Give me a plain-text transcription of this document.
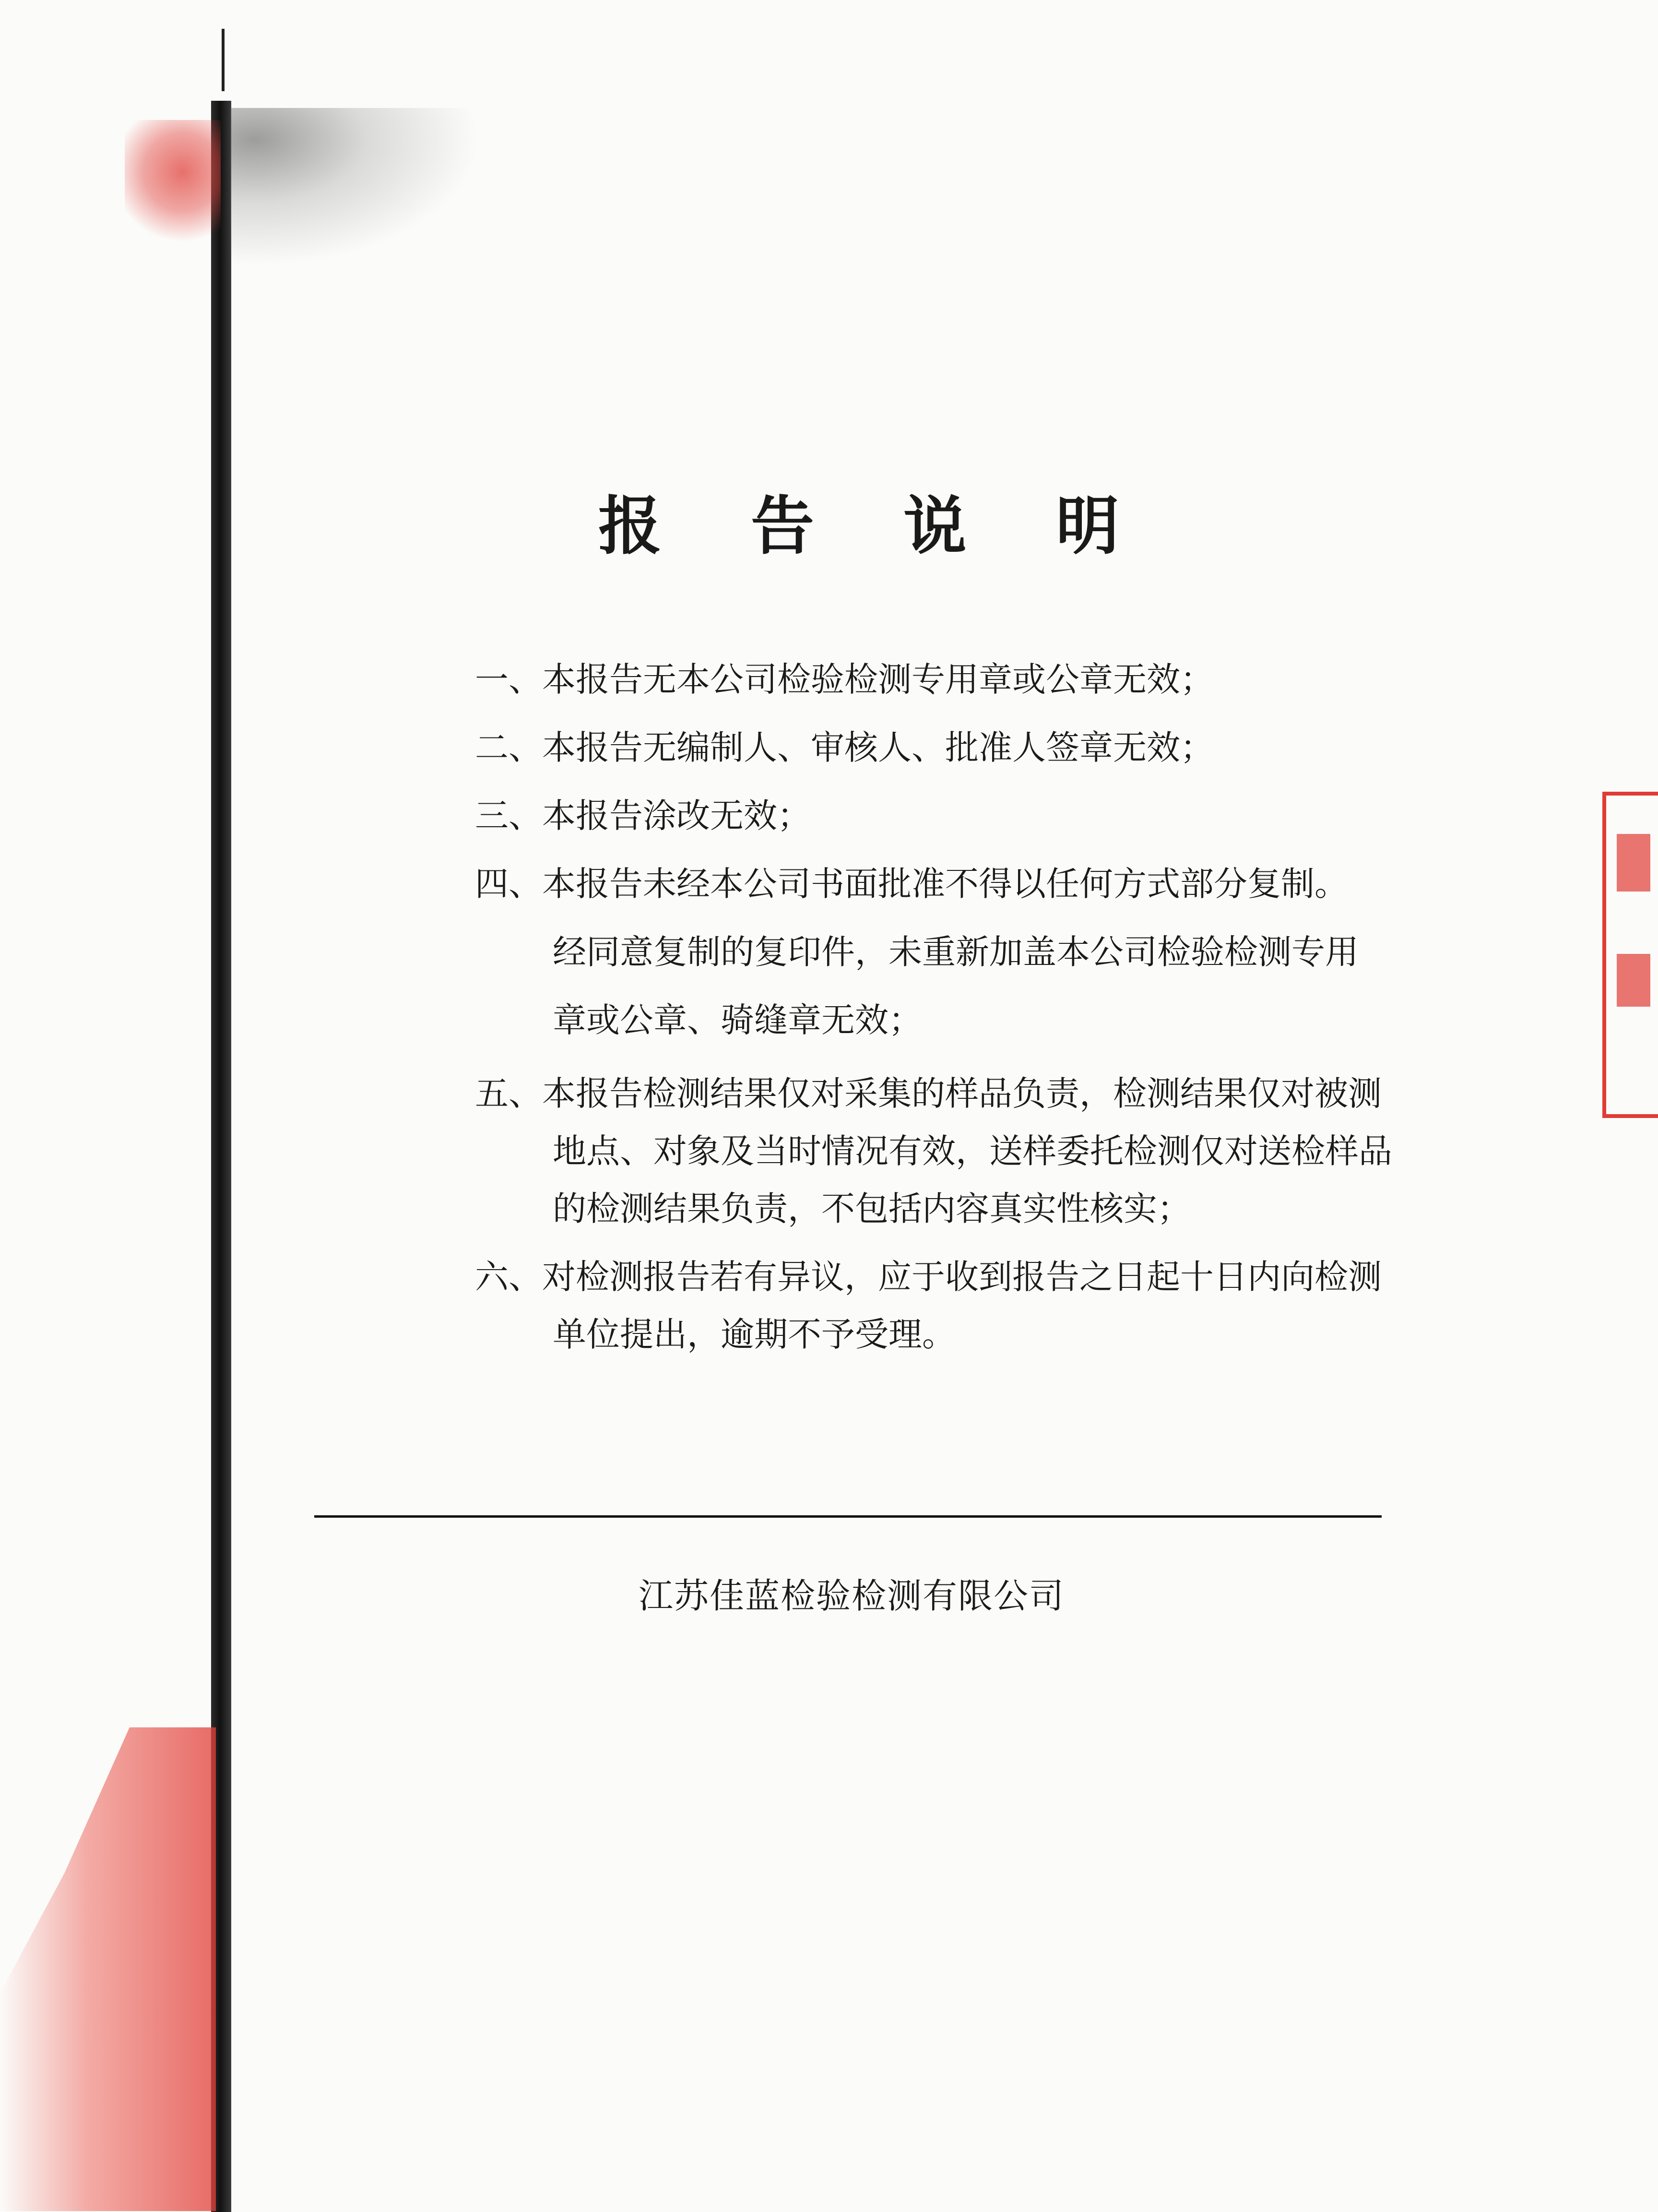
报 告 说 明
一、本报告无本公司检验检测专用章或公章无效；
二、本报告无编制人、审核人、批准人签章无效；
三、本报告涂改无效；
四、本报告未经本公司书面批准不得以任何方式部分复制。
经同意复制的复印件，未重新加盖本公司检验检测专用
章或公章、骑缝章无效；
五、本报告检测结果仅对采集的样品负责，检测结果仅对被测
地点、对象及当时情况有效，送样委托检测仅对送检样品
的检测结果负责，不包括内容真实性核实；
六、对检测报告若有异议，应于收到报告之日起十日内向检测
单位提出，逾期不予受理。
江苏佳蓝检验检测有限公司
